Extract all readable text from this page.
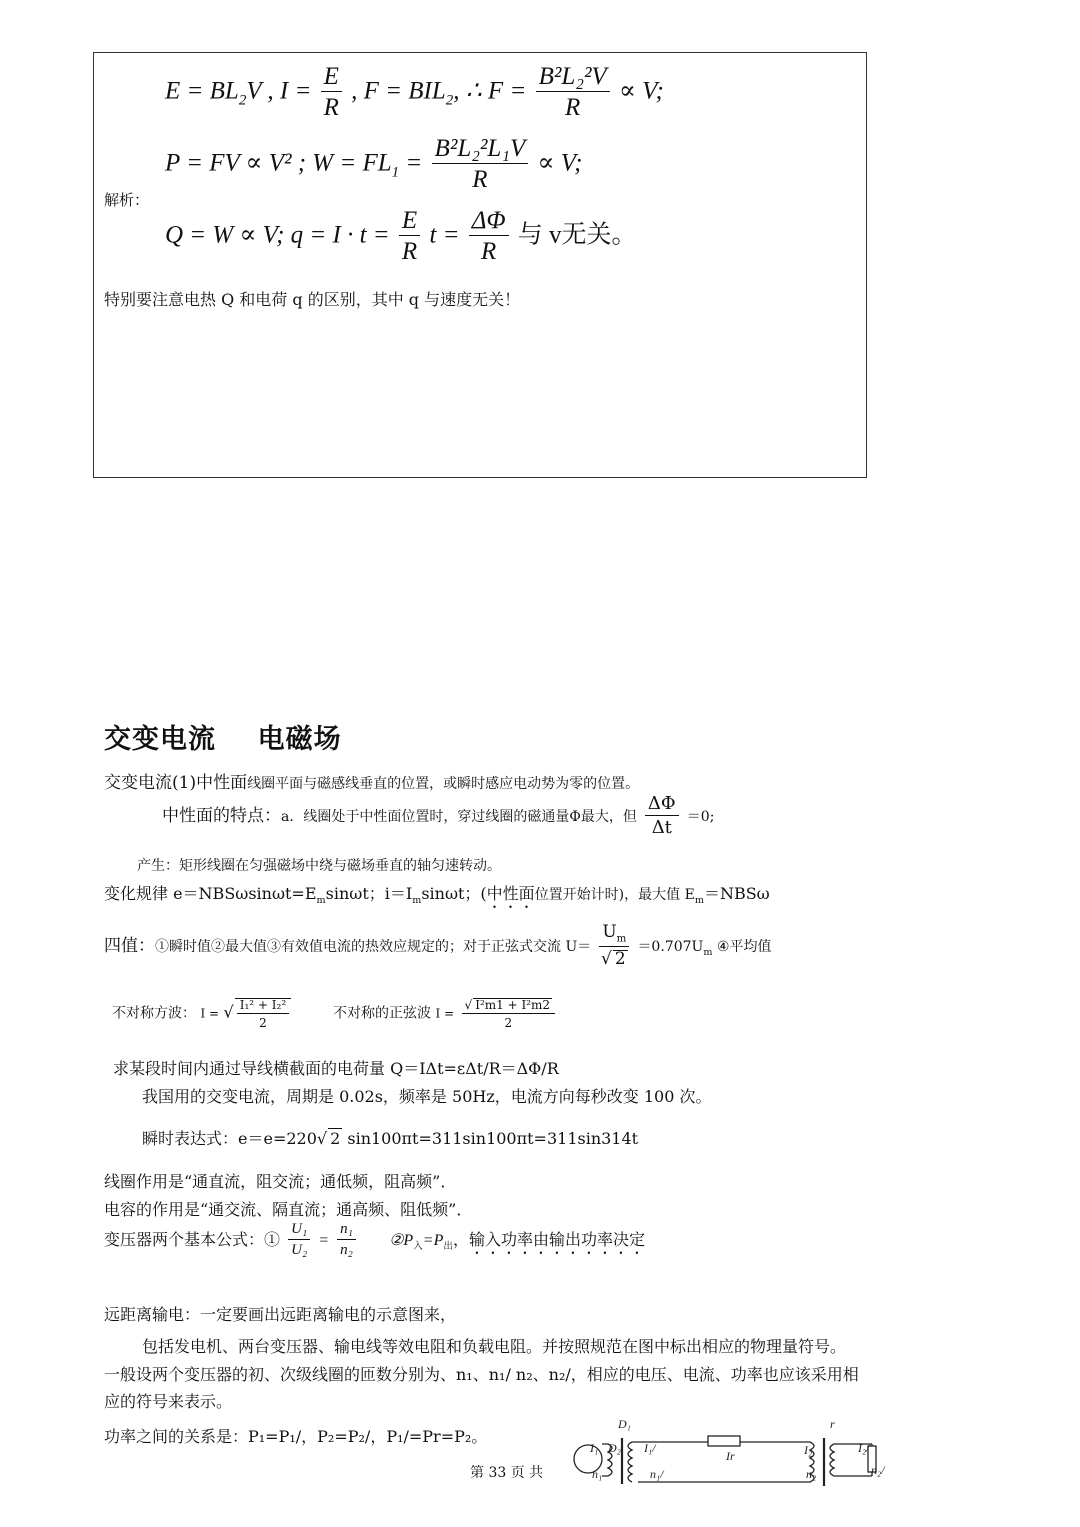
$E = BL_2V$ , $I = \frac{E}{R}$ , $F = BIL_2$, ∴ $F = \frac{\text{B²L₂²V}}{R} \propto V$;
P = FV ∝ V² ; $W = FL_1 = \frac{\text{B²L₂²L₁V}}{R} \propto V$;
解析：
Q = W ∝ V; $q = I \cdot t = \frac{E}{R}$ $t = \frac{\Delta\Phi}{R}$ 与 v无关。
特别要注意电热 Q 和电荷 q 的区别，其中 q 与速度无关！
交变电流    电磁场
交变电流(1)中性面线圈平面与磁感线垂直的位置，或瞬时感应电动势为零的位置。
中性面的特点：a．线圈处于中性面位置时，穿过线圈的磁通量Φ最大，但 $\frac{\Delta\Phi}{\Delta t} =0$;
产生：矩形线圈在匀强磁场中绕与磁场垂直的轴匀速转动。
变化规律 $e=NBS\omega\sin\omega t=E_m\sin\omega t$；$i=I_m\sin\omega t$；(中性面位置开始计时)，最大值 $E_m=NBS\omega$
四值：①瞬时值②最大值③有效值电流的热效应规定的；对于正弦式交流 $U= \frac{U_m}{√ 2} =0.707U_m$ ④平均值
不对称方波： I = √ $\frac{\text{I₁² + I₂²}}{2}$	不对称的正弦波 $I = \frac{\text{√ I²m1 + I²m2}}{2}$
求某段时间内通过导线横截面的电荷量 Q＝IΔt=εΔt/R＝ΔΦ/R
我国用的交变电流，周期是 0.02s，频率是 50Hz，电流方向每秒改变 100 次。
瞬时表达式：e＝e=220√ 2 sin100πt=311sin100πt=311sin314t
线圈作用是“通直流，阻交流；通低频，阻高频”．
电容的作用是“通交流、隔直流；通高频、阻低频”．
变压器两个基本公式：① $\frac{\text{U₁}}{\text{U₂}} = \frac{\text{n₁}}{\text{n₂}}$ $②P_入=P_出$，输入功率由输出功率决定
远距离输电：一定要画出远距离输电的示意图来，
包括发电机、两台变压器、输电线等效电阻和负载电阻。并按照规范在图中标出相应的物理量符号。
一般设两个变压器的初、次级线圈的匝数分别为、n₁、n₁/ n₂、n₂/，相应的电压、电流、功率也应该采用相
应的符号来表示。
功率之间的关系是：P₁=P₁/，P₂=P₂/，P₁/=Pr=P₂。
第 33 页 共
D₁	r
I₁
n₁
I₁/
n₁/
Ir	I₂
n₂
I₂/
n₂/
D₂
